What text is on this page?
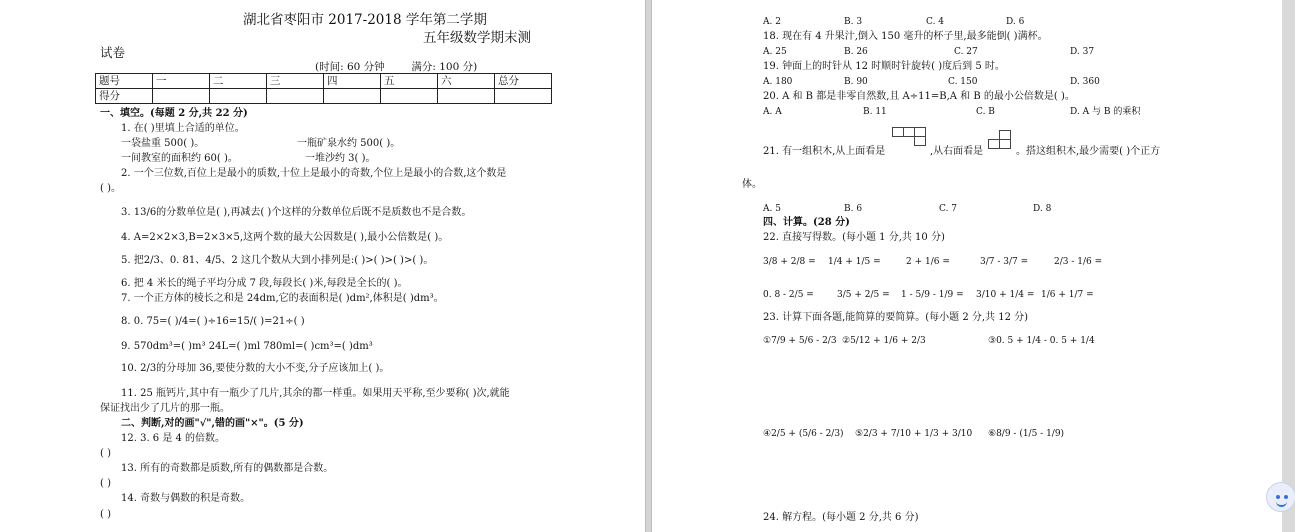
湖北省枣阳市 2017-2018 学年第二学期
五年级数学期末测
试卷
(时间: 60 分钟        满分: 100 分)
题号	一	二	三	四	五	六	总分
得分							
一、填空。(每题 2 分,共 22 分)
1. 在( )里填上合适的单位。
一袋盐重 500( )。	一瓶矿泉水约 500( )。
一间教室的面积约 60( )。	一堆沙约 3( )。
2. 一个三位数,百位上是最小的质数,十位上是最小的奇数,个位上是最小的合数,这个数是
( )。
3. 13/6的分数单位是( ),再减去( )个这样的分数单位后既不是质数也不是合数。
4. A=2×2×3,B=2×3×5,这两个数的最大公因数是( ),最小公倍数是( )。
5. 把2/3、0. 81、4/5、2 这几个数从大到小排列是:( )>( )>( )>( )。
6. 把 4 米长的绳子平均分成 7 段,每段长( )米,每段是全长的( )。
7. 一个正方体的棱长之和是 24dm,它的表面积是( )dm²,体积是( )dm³。
8. 0. 75=( )/4=( )÷16=15/( )=21÷( )
9. 570dm³=( )m³ 24L=( )ml 780ml=( )cm³=( )dm³
10. 2/3的分母加 36,要使分数的大小不变,分子应该加上( )。
11. 25 瓶钙片,其中有一瓶少了几片,其余的都一样重。如果用天平称,至少要称( )次,就能
保证找出少了几片的那一瓶。
二、判断,对的画"√",错的画"×"。(5 分)
12. 3. 6 是 4 的倍数。
( )
13. 所有的奇数都是质数,所有的偶数都是合数。
( )
14. 奇数与偶数的积是奇数。
( )
A. 2	B. 3	C. 4	D. 6
18. 现在有 4 升果汁,倒入 150 毫升的杯子里,最多能倒( )满杯。
A. 25	B. 26	C. 27	D. 37
19. 钟面上的时针从 12 时顺时针旋转( )度后到 5 时。
A. 180	B. 90	C. 150	D. 360
20. A 和 B 都是非零自然数,且 A÷11=B,A 和 B 的最小公倍数是( )。
A. A	B. 11	C. B	D. A 与 B 的乘积
21. 有一组积木,从上面看是	,从右面看是	。搭这组积木,最少需要( )个正方
体。
A. 5	B. 6	C. 7	D. 8
四、计算。(28 分)
22. 直接写得数。(每小题 1 分,共 10 分)
3/8 + 2/8 = 1/4 + 1/5 =	2 + 1/6 =	3/7 - 3/7 =	2/3 - 1/6 =
0. 8 - 2/5 =	3/5 + 2/5 = 1 - 5/9 - 1/9 = 3/10 + 1/4 = 1/6 + 1/7 =
23. 计算下面各题,能简算的要简算。(每小题 2 分,共 12 分)
①7/9 + 5/6 - 2/3 ②5/12 + 1/6 + 2/3	③0. 5 + 1/4 - 0. 5 + 1/4
④2/5 + (5/6 - 2/3) ⑤2/3 + 7/10 + 1/3 + 3/10 ⑥8/9 - (1/5 - 1/9)
24. 解方程。(每小题 2 分,共 6 分)
